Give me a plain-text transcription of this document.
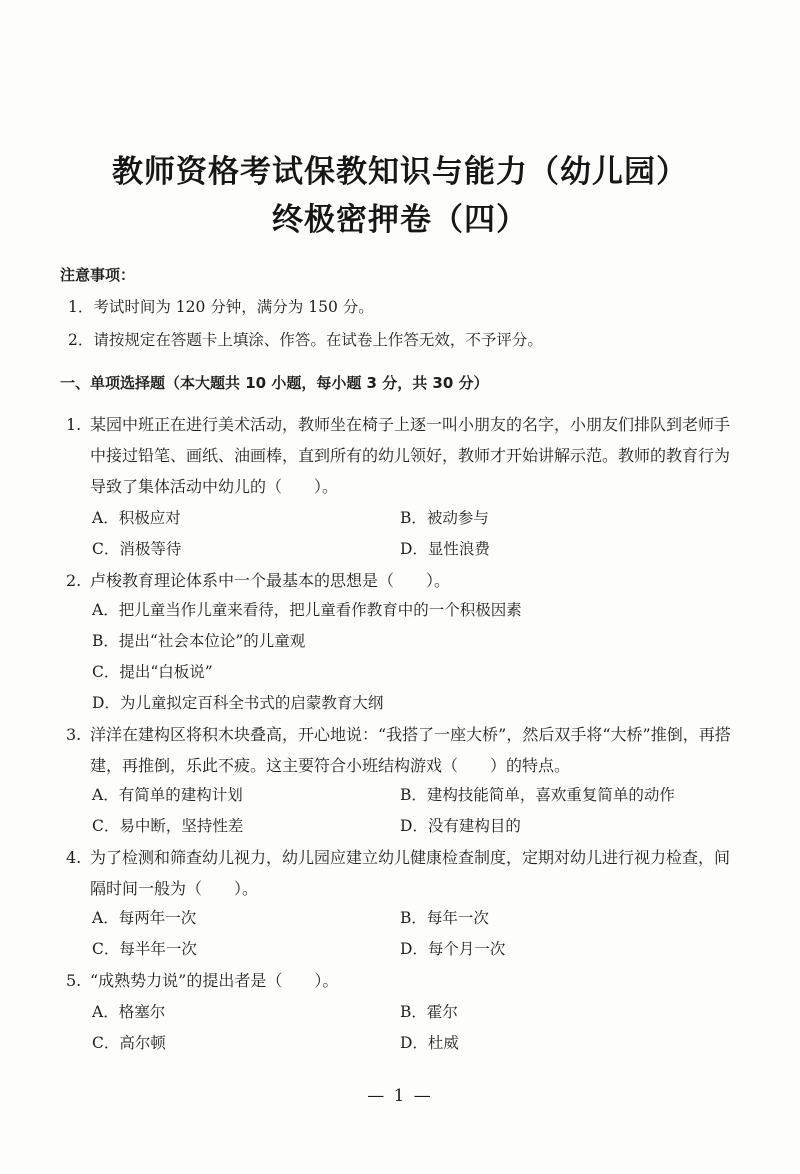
教师资格考试保教知识与能力（幼儿园）
终极密押卷（四）
注意事项：
1．考试时间为 120 分钟，满分为 150 分。
2．请按规定在答题卡上填涂、作答。在试卷上作答无效，不予评分。
一、单项选择题（本大题共 10 小题，每小题 3 分，共 30 分）
1. 某园中班正在进行美术活动，教师坐在椅子上逐一叫小朋友的名字，小朋友们排队到老师手中接过铅笔、画纸、油画棒，直到所有的幼儿领好，教师才开始讲解示范。教师的教育行为导致了集体活动中幼儿的（　　）。
A．积极应对	B．被动参与
C．消极等待	D．显性浪费
2. 卢梭教育理论体系中一个最基本的思想是（　　）。
A．把儿童当作儿童来看待，把儿童看作教育中的一个积极因素
B．提出“社会本位论”的儿童观
C．提出“白板说”
D．为儿童拟定百科全书式的启蒙教育大纲
3. 洋洋在建构区将积木块叠高，开心地说：“我搭了一座大桥”，然后双手将“大桥”推倒，再搭建，再推倒，乐此不疲。这主要符合小班结构游戏（　　）的特点。
A．有简单的建构计划	B．建构技能简单，喜欢重复简单的动作
C．易中断，坚持性差	D．没有建构目的
4. 为了检测和筛查幼儿视力，幼儿园应建立幼儿健康检查制度，定期对幼儿进行视力检查，间隔时间一般为（　　）。
A．每两年一次	B．每年一次
C．每半年一次	D．每个月一次
5. “成熟势力说”的提出者是（　　）。
A．格塞尔	B．霍尔
C．高尔顿	D．杜威
— 1 —
